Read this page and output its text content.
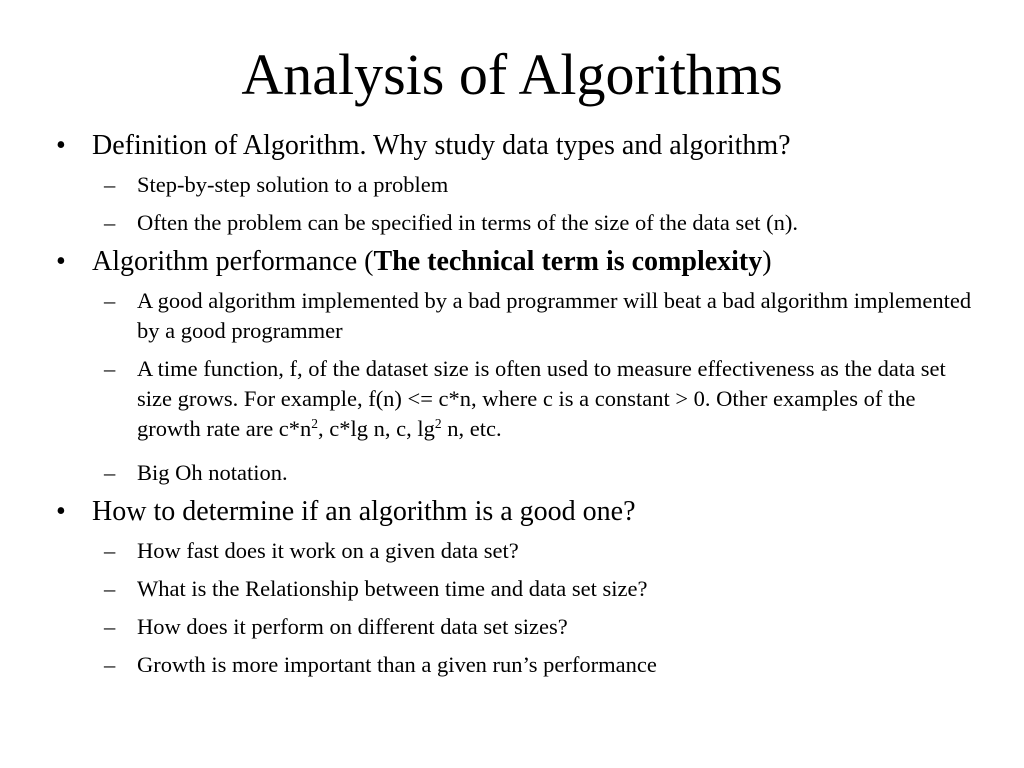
Analysis of Algorithms
• Definition of Algorithm. Why study data types and algorithm?
– Step-by-step solution to a problem
– Often the problem can be specified in terms of the size of the data set (n).
• Algorithm performance (The technical term is complexity)
– A good algorithm implemented by a bad programmer will beat a bad algorithm implemented by a good programmer
– A time function, f, of the dataset size is often used to measure effectiveness as the data set size grows. For example, f(n) <= c*n, where c is a constant > 0. Other examples of the growth rate are $c*n^2$, c*lg n, c, $\lg^2 n$, etc.
– Big Oh notation.
• How to determine if an algorithm is a good one?
– How fast does it work on a given data set?
– What is the Relationship between time and data set size?
– How does it perform on different data set sizes?
– Growth is more important than a given run’s performance
